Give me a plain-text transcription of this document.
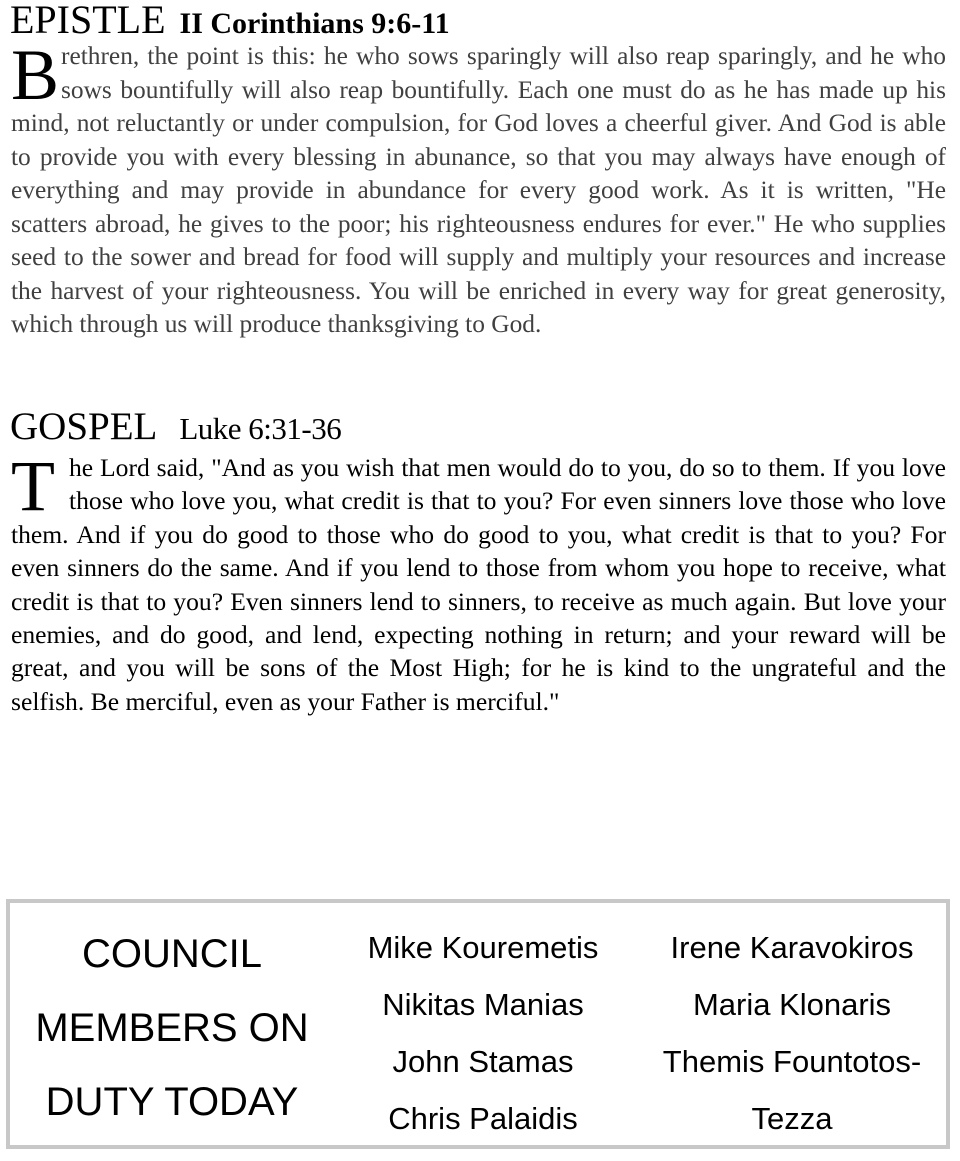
EPISTLE II Corinthians 9:6-11

Brethren, the point is this: he who sows sparingly will also reap sparingly, and he who sows bountifully will also reap bountifully. Each one must do as he has made up his mind, not reluctantly or under compulsion, for God loves a cheerful giver. And God is able to provide you with every blessing in abunance, so that you may always have enough of everything and may provide in abundance for every good work. As it is written, "He scatters abroad, he gives to the poor; his righteousness endures for ever." He who supplies seed to the sower and bread for food will supply and multiply your resources and increase the harvest of your righteousness. You will be enriched in every way for great generosity, which through us will produce thanksgiving to God.

GOSPEL Luke 6:31-36

The Lord said, "And as you wish that men would do to you, do so to them. If you love those who love you, what credit is that to you? For even sinners love those who love them. And if you do good to those who do good to you, what credit is that to you? For even sinners do the same. And if you lend to those from whom you hope to receive, what credit is that to you? Even sinners lend to sinners, to receive as much again. But love your enemies, and do good, and lend, expecting nothing in return; and your reward will be great, and you will be sons of the Most High; for he is kind to the ungrateful and the selfish. Be merciful, even as your Father is merciful."

COUNCIL
MEMBERS ON
DUTY TODAY
Mike Kouremetis
Nikitas Manias
John Stamas
Chris Palaidis
Irene Karavokiros
Maria Klonaris
Themis Fountotos-
Tezza
